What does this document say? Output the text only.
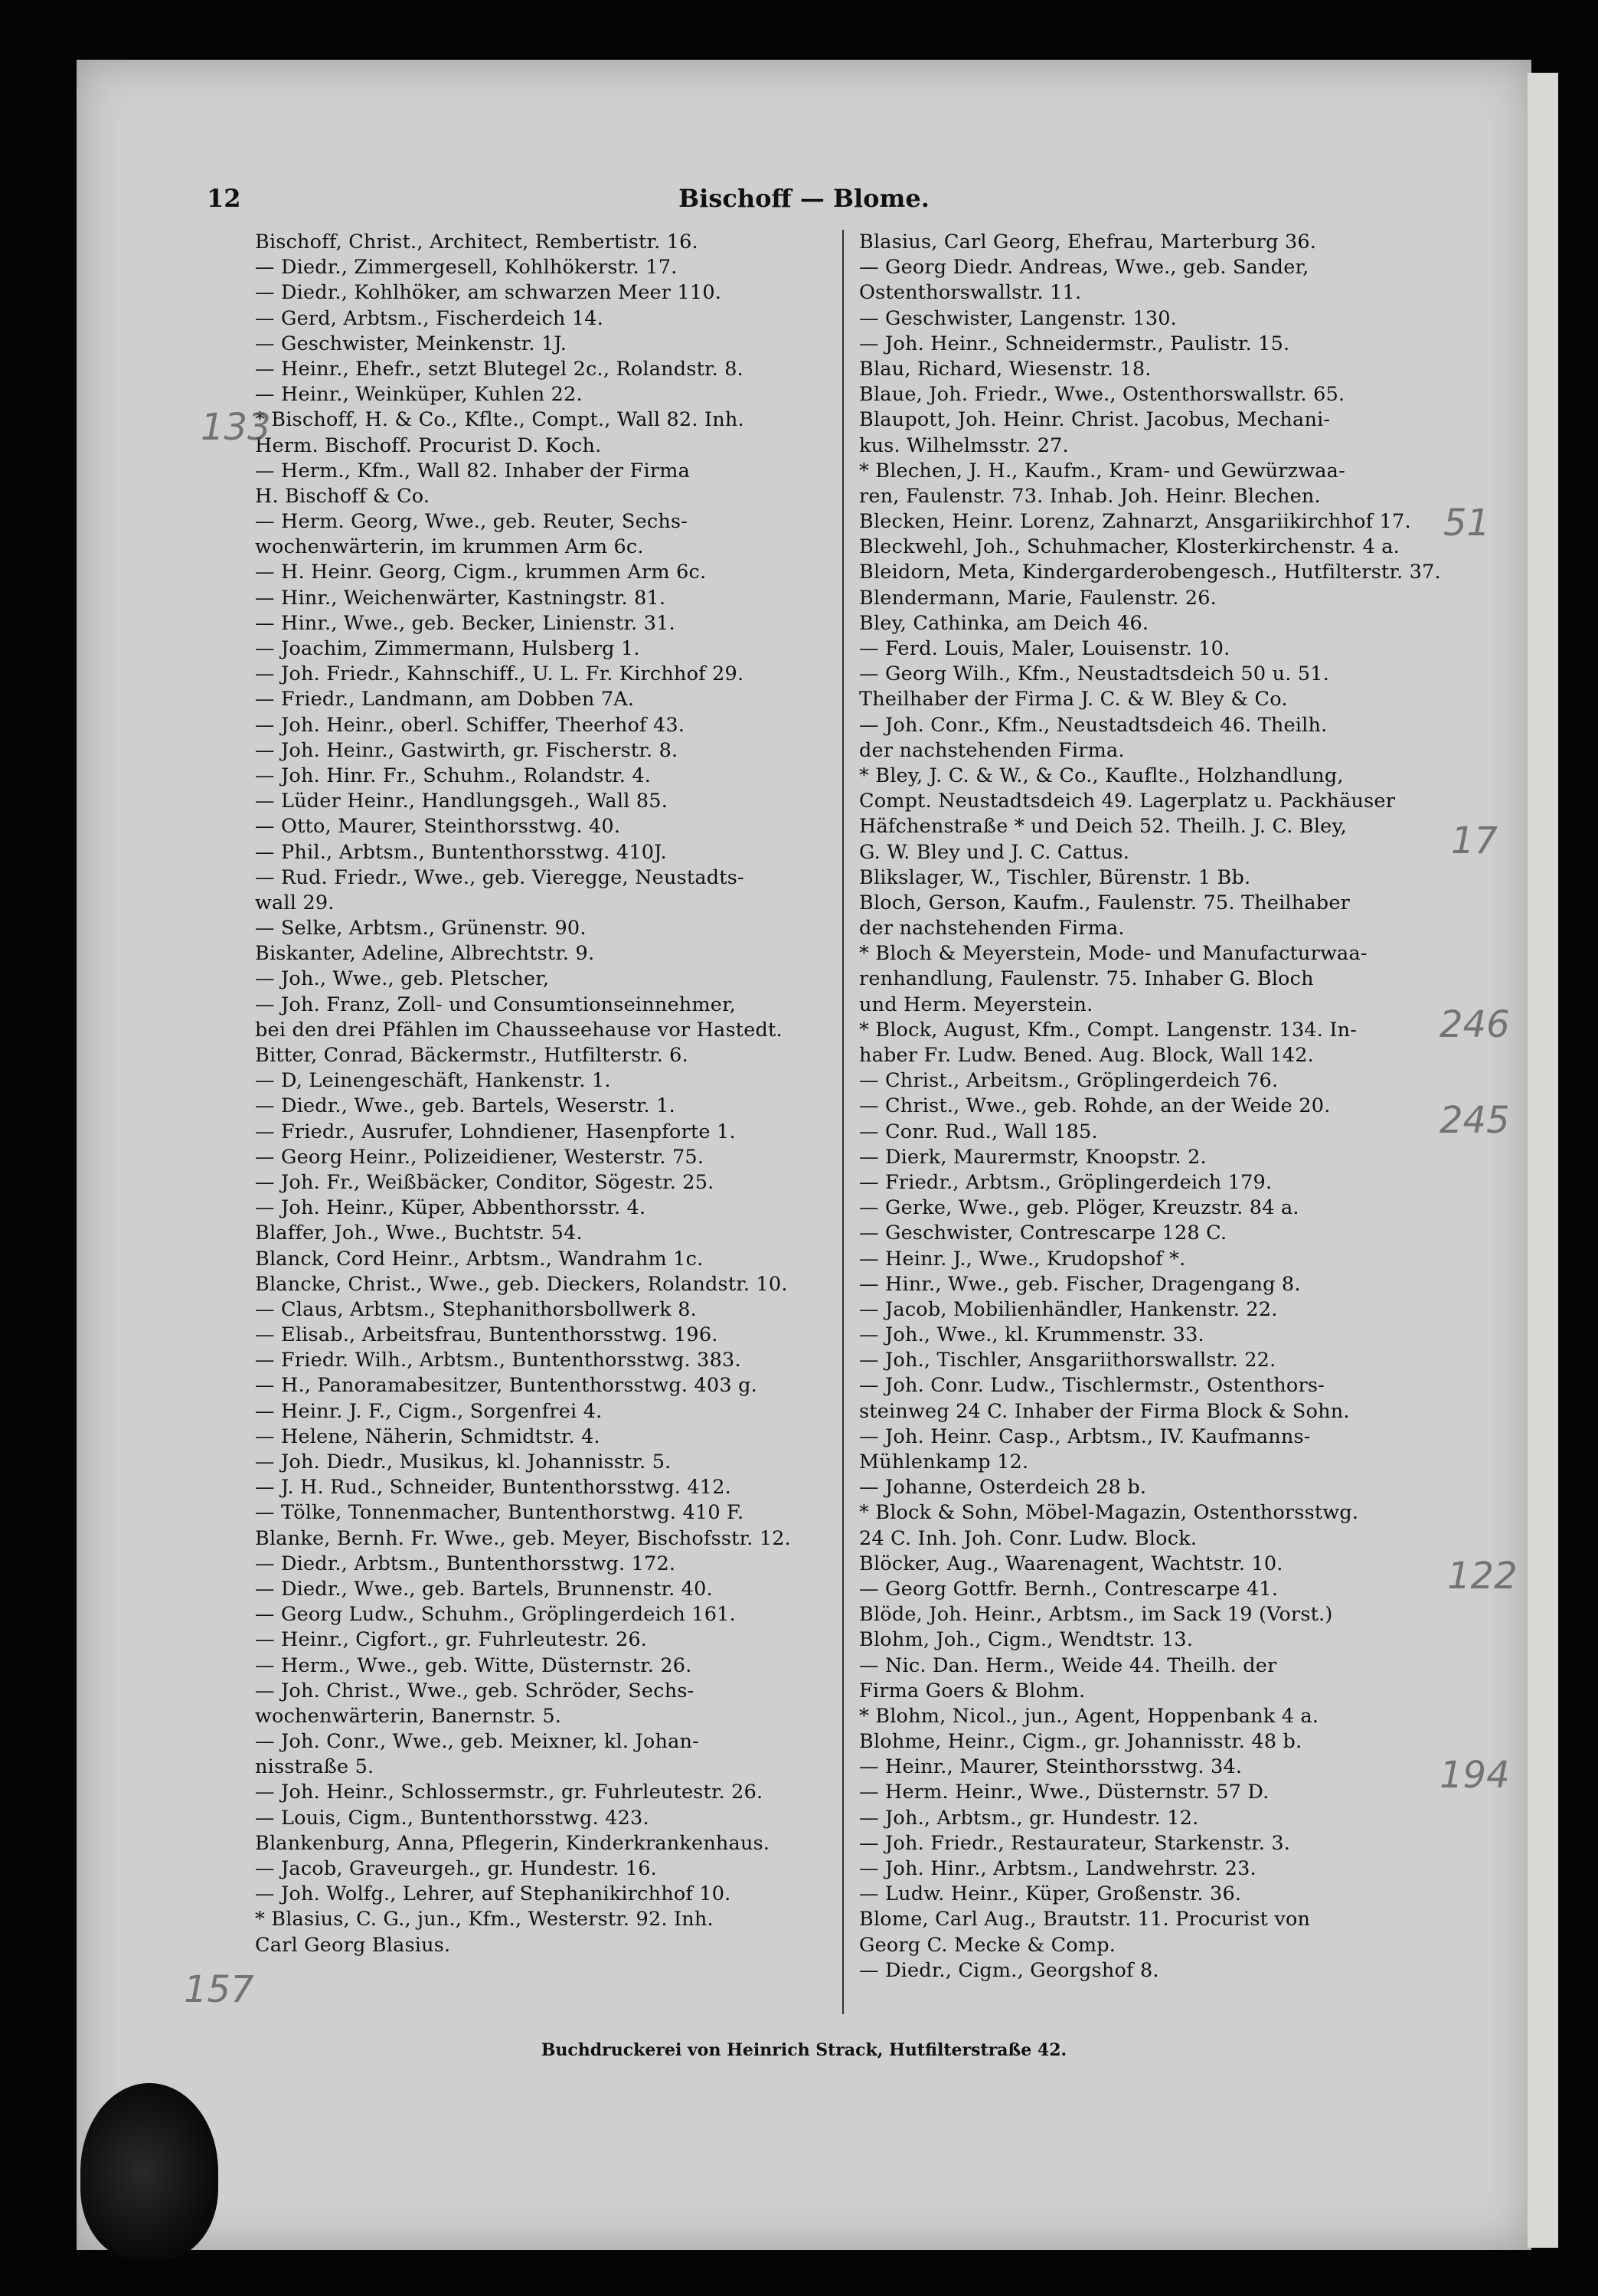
12	Bischoff — Blome.
Bischoff, Christ., Architect, Rembertistr. 16.
— Diedr., Zimmergesell, Kohlhökerstr. 17.
— Diedr., Kohlhöker, am schwarzen Meer 110.
— Gerd, Arbtsm., Fischerdeich 14.
— Geschwister, Meinkenstr. 1J.
— Heinr., Ehefr., setzt Blutegel 2c., Rolandstr. 8.
— Heinr., Weinküper, Kuhlen 22.
* Bischoff, H. & Co., Kflte., Compt., Wall 82. Inh.
Herm. Bischoff. Procurist D. Koch.
— Herm., Kfm., Wall 82. Inhaber der Firma
H. Bischoff & Co.
— Herm. Georg, Wwe., geb. Reuter, Sechs-
wochenwärterin, im krummen Arm 6c.
— H. Heinr. Georg, Cigm., krummen Arm 6c.
— Hinr., Weichenwärter, Kastningstr. 81.
— Hinr., Wwe., geb. Becker, Linienstr. 31.
— Joachim, Zimmermann, Hulsberg 1.
— Joh. Friedr., Kahnschiff., U. L. Fr. Kirchhof 29.
— Friedr., Landmann, am Dobben 7A.
— Joh. Heinr., oberl. Schiffer, Theerhof 43.
— Joh. Heinr., Gastwirth, gr. Fischerstr. 8.
— Joh. Hinr. Fr., Schuhm., Rolandstr. 4.
— Lüder Heinr., Handlungsgeh., Wall 85.
— Otto, Maurer, Steinthorsstwg. 40.
— Phil., Arbtsm., Buntenthorsstwg. 410J.
— Rud. Friedr., Wwe., geb. Vieregge, Neustadts-
wall 29.
— Selke, Arbtsm., Grünenstr. 90.
Biskanter, Adeline, Albrechtstr. 9.
— Joh., Wwe., geb. Pletscher,
— Joh. Franz, Zoll- und Consumtionseinnehmer,
bei den drei Pfählen im Chausseehause vor Hastedt.
Bitter, Conrad, Bäckermstr., Hutfilterstr. 6.
— D, Leinengeschäft, Hankenstr. 1.
— Diedr., Wwe., geb. Bartels, Weserstr. 1.
— Friedr., Ausrufer, Lohndiener, Hasenpforte 1.
— Georg Heinr., Polizeidiener, Westerstr. 75.
— Joh. Fr., Weißbäcker, Conditor, Sögestr. 25.
— Joh. Heinr., Küper, Abbenthorsstr. 4.
Blaffer, Joh., Wwe., Buchtstr. 54.
Blanck, Cord Heinr., Arbtsm., Wandrahm 1c.
Blancke, Christ., Wwe., geb. Dieckers, Rolandstr. 10.
— Claus, Arbtsm., Stephanithorsbollwerk 8.
— Elisab., Arbeitsfrau, Buntenthorsstwg. 196.
— Friedr. Wilh., Arbtsm., Buntenthorsstwg. 383.
— H., Panoramabesitzer, Buntenthorsstwg. 403 g.
— Heinr. J. F., Cigm., Sorgenfrei 4.
— Helene, Näherin, Schmidtstr. 4.
— Joh. Diedr., Musikus, kl. Johannisstr. 5.
— J. H. Rud., Schneider, Buntenthorsstwg. 412.
— Tölke, Tonnenmacher, Buntenthorstwg. 410 F.
Blanke, Bernh. Fr. Wwe., geb. Meyer, Bischofsstr. 12.
— Diedr., Arbtsm., Buntenthorsstwg. 172.
— Diedr., Wwe., geb. Bartels, Brunnenstr. 40.
— Georg Ludw., Schuhm., Gröplingerdeich 161.
— Heinr., Cigfort., gr. Fuhrleutestr. 26.
— Herm., Wwe., geb. Witte, Düsternstr. 26.
— Joh. Christ., Wwe., geb. Schröder, Sechs-
wochenwärterin, Banernstr. 5.
— Joh. Conr., Wwe., geb. Meixner, kl. Johan-
nisstraße 5.
— Joh. Heinr., Schlossermstr., gr. Fuhrleutestr. 26.
— Louis, Cigm., Buntenthorsstwg. 423.
Blankenburg, Anna, Pflegerin, Kinderkrankenhaus.
— Jacob, Graveurgeh., gr. Hundestr. 16.
— Joh. Wolfg., Lehrer, auf Stephanikirchhof 10.
* Blasius, C. G., jun., Kfm., Westerstr. 92. Inh.
Carl Georg Blasius.
Blasius, Carl Georg, Ehefrau, Marterburg 36.
— Georg Diedr. Andreas, Wwe., geb. Sander,
Ostenthorswallstr. 11.
— Geschwister, Langenstr. 130.
— Joh. Heinr., Schneidermstr., Paulistr. 15.
Blau, Richard, Wiesenstr. 18.
Blaue, Joh. Friedr., Wwe., Ostenthorswallstr. 65.
Blaupott, Joh. Heinr. Christ. Jacobus, Mechani-
kus. Wilhelmsstr. 27.
* Blechen, J. H., Kaufm., Kram- und Gewürzwaa-
ren, Faulenstr. 73. Inhab. Joh. Heinr. Blechen.
Blecken, Heinr. Lorenz, Zahnarzt, Ansgariikirchhof 17.
Bleckwehl, Joh., Schuhmacher, Klosterkirchenstr. 4 a.
Bleidorn, Meta, Kindergarderobengesch., Hutfilterstr. 37.
Blendermann, Marie, Faulenstr. 26.
Bley, Cathinka, am Deich 46.
— Ferd. Louis, Maler, Louisenstr. 10.
— Georg Wilh., Kfm., Neustadtsdeich 50 u. 51.
Theilhaber der Firma J. C. & W. Bley & Co.
— Joh. Conr., Kfm., Neustadtsdeich 46. Theilh.
der nachstehenden Firma.
* Bley, J. C. & W., & Co., Kauflte., Holzhandlung,
Compt. Neustadtsdeich 49. Lagerplatz u. Packhäuser
Häfchenstraße * und Deich 52. Theilh. J. C. Bley,
G. W. Bley und J. C. Cattus.
Blikslager, W., Tischler, Bürenstr. 1 Bb.
Bloch, Gerson, Kaufm., Faulenstr. 75. Theilhaber
der nachstehenden Firma.
* Bloch & Meyerstein, Mode- und Manufacturwaa-
renhandlung, Faulenstr. 75. Inhaber G. Bloch
und Herm. Meyerstein.
* Block, August, Kfm., Compt. Langenstr. 134. In-
haber Fr. Ludw. Bened. Aug. Block, Wall 142.
— Christ., Arbeitsm., Gröplingerdeich 76.
— Christ., Wwe., geb. Rohde, an der Weide 20.
— Conr. Rud., Wall 185.
— Dierk, Maurermstr, Knoopstr. 2.
— Friedr., Arbtsm., Gröplingerdeich 179.
— Gerke, Wwe., geb. Plöger, Kreuzstr. 84 a.
— Geschwister, Contrescarpe 128 C.
— Heinr. J., Wwe., Krudopshof *.
— Hinr., Wwe., geb. Fischer, Dragengang 8.
— Jacob, Mobilienhändler, Hankenstr. 22.
— Joh., Wwe., kl. Krummenstr. 33.
— Joh., Tischler, Ansgariithorswallstr. 22.
— Joh. Conr. Ludw., Tischlermstr., Ostenthors-
steinweg 24 C. Inhaber der Firma Block & Sohn.
— Joh. Heinr. Casp., Arbtsm., IV. Kaufmanns-
Mühlenkamp 12.
— Johanne, Osterdeich 28 b.
* Block & Sohn, Möbel-Magazin, Ostenthorsstwg.
24 C. Inh. Joh. Conr. Ludw. Block.
Blöcker, Aug., Waarenagent, Wachtstr. 10.
— Georg Gottfr. Bernh., Contrescarpe 41.
Blöde, Joh. Heinr., Arbtsm., im Sack 19 (Vorst.)
Blohm, Joh., Cigm., Wendtstr. 13.
— Nic. Dan. Herm., Weide 44. Theilh. der
Firma Goers & Blohm.
* Blohm, Nicol., jun., Agent, Hoppenbank 4 a.
Blohme, Heinr., Cigm., gr. Johannisstr. 48 b.
— Heinr., Maurer, Steinthorsstwg. 34.
— Herm. Heinr., Wwe., Düsternstr. 57 D.
— Joh., Arbtsm., gr. Hundestr. 12.
— Joh. Friedr., Restaurateur, Starkenstr. 3.
— Joh. Hinr., Arbtsm., Landwehrstr. 23.
— Ludw. Heinr., Küper, Großenstr. 36.
Blome, Carl Aug., Brautstr. 11. Procurist von
Georg C. Mecke & Comp.
— Diedr., Cigm., Georgshof 8.
Buchdruckerei von Heinrich Strack, Hutfilterstraße 42.
133
51
17
246
245
122
194
157
